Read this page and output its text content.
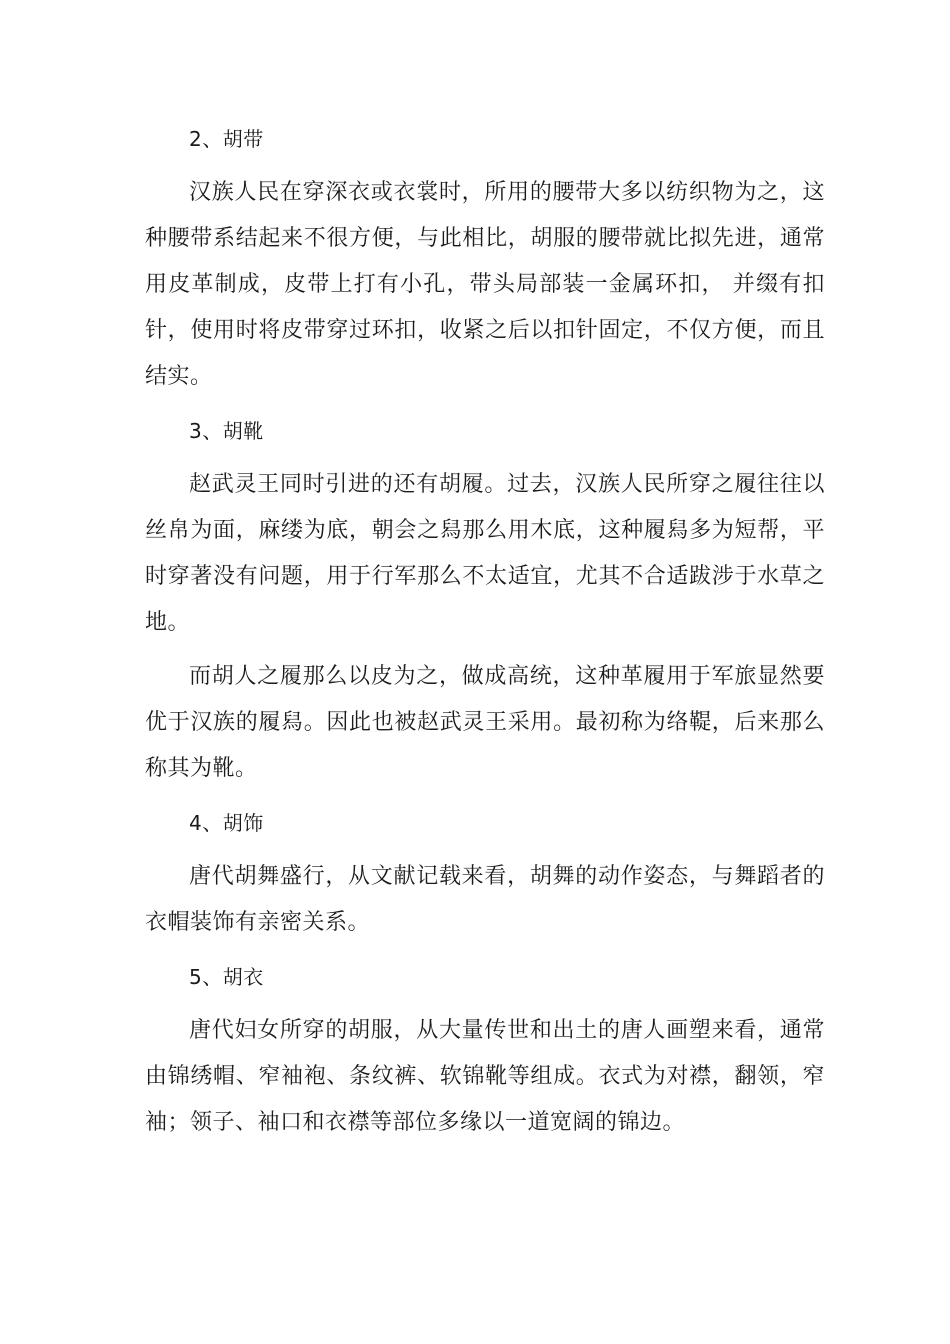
2、胡带

汉族人民在穿深衣或衣裳时，所用的腰带大多以纺织物为之，这种腰带系结起来不很方便，与此相比，胡服的腰带就比拟先进，通常用皮革制成，皮带上打有小孔，带头局部装一金属环扣， 并缀有扣针，使用时将皮带穿过环扣，收紧之后以扣针固定，不仅方便，而且结实。

3、胡靴

赵武灵王同时引进的还有胡履。过去，汉族人民所穿之履往往以丝帛为面，麻缕为底，朝会之舄那么用木底，这种履舄多为短帮，平时穿著没有问题，用于行军那么不太适宜，尤其不合适跋涉于水草之地。

而胡人之履那么以皮为之，做成高统，这种革履用于军旅显然要优于汉族的履舄。因此也被赵武灵王采用。最初称为络鞮，后来那么称其为靴。

4、胡饰

唐代胡舞盛行，从文献记载来看，胡舞的动作姿态，与舞蹈者的衣帽装饰有亲密关系。

5、胡衣

唐代妇女所穿的胡服，从大量传世和出土的唐人画塑来看，通常由锦绣帽、窄袖袍、条纹裤、软锦靴等组成。衣式为对襟，翻领，窄袖；领子、袖口和衣襟等部位多缘以一道宽阔的锦边。
